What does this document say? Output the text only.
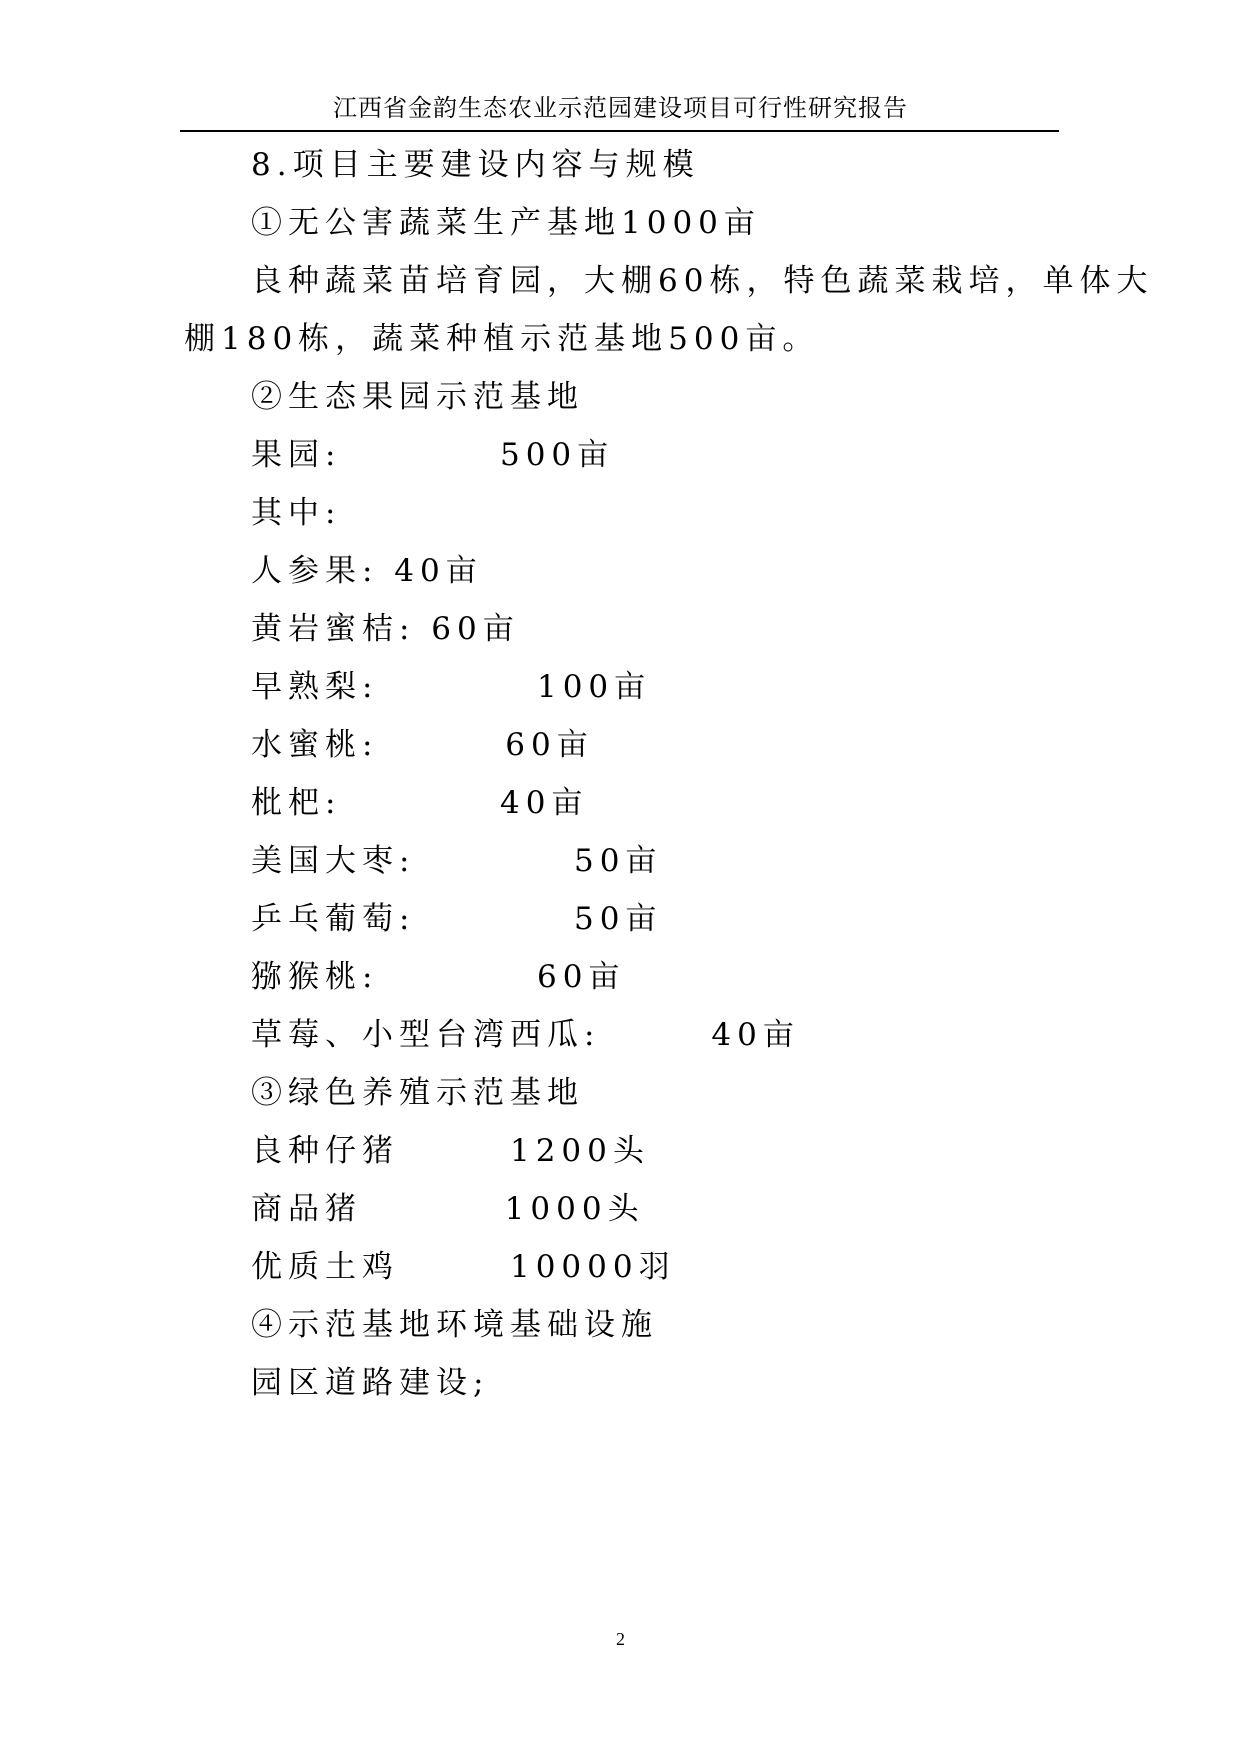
江西省金韵生态农业示范园建设项目可行性研究报告
8.项目主要建设内容与规模
①无公害蔬菜生产基地1000亩
良种蔬菜苗培育园，大棚60栋，特色蔬菜栽培，单体大
棚180栋，蔬菜种植示范基地500亩。
②生态果园示范基地
果园:          500亩
其中:
人参果: 40亩
黄岩蜜桔: 60亩
早熟梨:          100亩
水蜜桃:        60亩
枇杷:          40亩
美国大枣:          50亩
乒乓葡萄:          50亩
猕猴桃:          60亩
草莓、小型台湾西瓜:       40亩
③绿色养殖示范基地
良种仔猪       1200头
商品猪         1000头
优质土鸡       10000羽
④示范基地环境基础设施
园区道路建设;
2
